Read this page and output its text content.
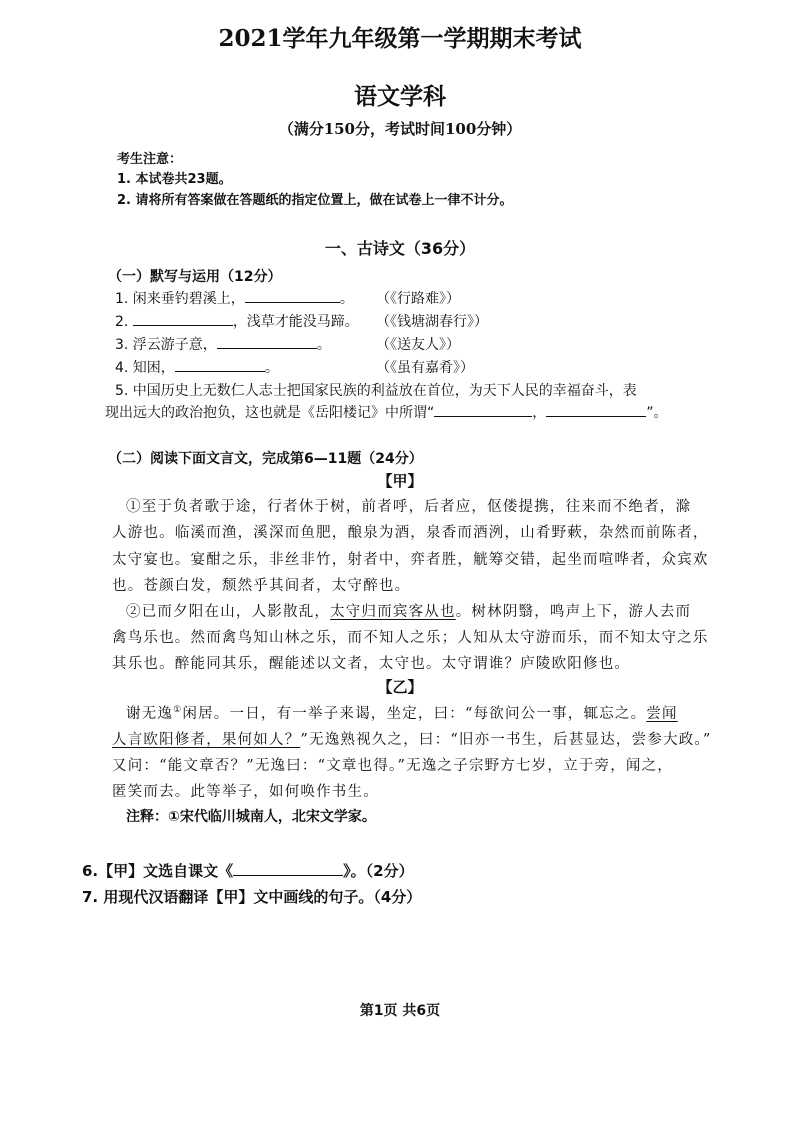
2021学年九年级第一学期期末考试
语文学科
（满分150分，考试时间100分钟）
考生注意：
1. 本试卷共23题。
2. 请将所有答案做在答题纸的指定位置上，做在试卷上一律不计分。
一、古诗文（36分）
（一）默写与运用（12分）
1. 闲来垂钓碧溪上，	。 （《行路难》）
2.	，浅草才能没马蹄。 （《钱塘湖春行》）
3. 浮云游子意，	。	（《送友人》）
4. 知困，	。	（《虽有嘉肴》）
5. 中国历史上无数仁人志士把国家民族的利益放在首位，为天下人民的幸福奋斗，表
现出远大的政治抱负，这也就是《岳阳楼记》中所谓“	，	”。
（二）阅读下面文言文，完成第6—11题（24分）
【甲】
①至于负者歌于途，行者休于树，前者呼，后者应，伛偻提携，往来而不绝者，滁
人游也。临溪而渔，溪深而鱼肥，酿泉为酒，泉香而酒洌，山肴野蔌，杂然而前陈者，
太守宴也。宴酣之乐，非丝非竹，射者中，弈者胜，觥筹交错，起坐而喧哗者，众宾欢
也。苍颜白发，颓然乎其间者，太守醉也。
②已而夕阳在山，人影散乱，太守归而宾客从也。树林阴翳，鸣声上下，游人去而
禽鸟乐也。然而禽鸟知山林之乐，而不知人之乐；人知从太守游而乐，而不知太守之乐
其乐也。醉能同其乐，醒能述以文者，太守也。太守谓谁？庐陵欧阳修也。
【乙】
谢无逸①闲居。一日，有一举子来谒，坐定，曰：“每欲问公一事，辄忘之。尝闻
人言欧阳修者，果何如人？”无逸熟视久之，曰：“旧亦一书生，后甚显达，尝参大政。”
又问：“能文章否？”无逸曰：“文章也得。”无逸之子宗野方七岁，立于旁，闻之，
匿笑而去。此等举子，如何唤作书生。
注释：①宋代临川城南人，北宋文学家。
6.【甲】文选自课文《	》。（2分）
7. 用现代汉语翻译【甲】文中画线的句子。（4分）
第1页 共6页
